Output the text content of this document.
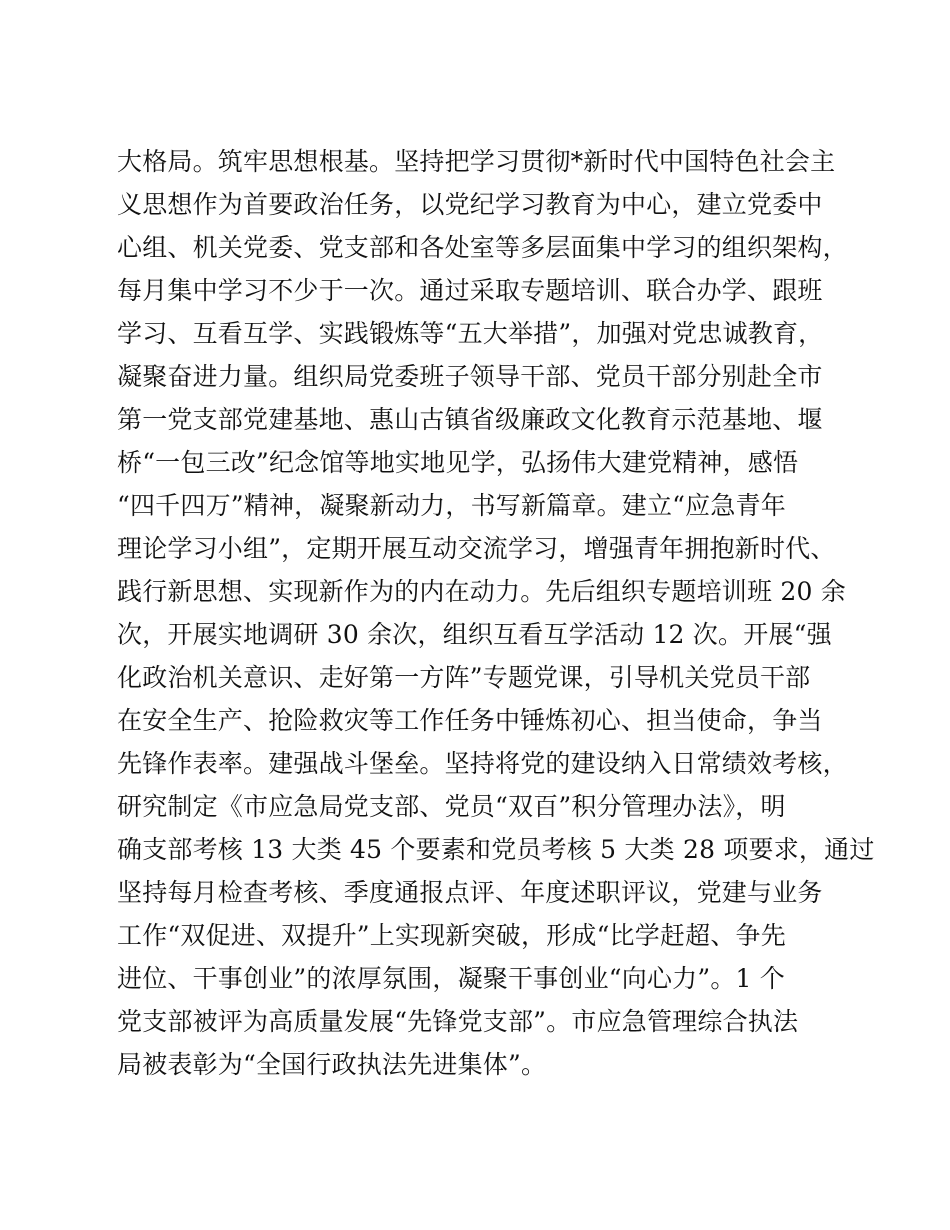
大格局。筑牢思想根基。坚持把学习贯彻*新时代中国特色社会主
义思想作为首要政治任务，以党纪学习教育为中心，建立党委中
心组、机关党委、党支部和各处室等多层面集中学习的组织架构，
每月集中学习不少于一次。通过采取专题培训、联合办学、跟班
学习、互看互学、实践锻炼等“五大举措”，加强对党忠诚教育，
凝聚奋进力量。组织局党委班子领导干部、党员干部分别赴全市
第一党支部党建基地、惠山古镇省级廉政文化教育示范基地、堰
桥“一包三改”纪念馆等地实地见学，弘扬伟大建党精神，感悟
“四千四万”精神，凝聚新动力，书写新篇章。建立“应急青年
理论学习小组”，定期开展互动交流学习，增强青年拥抱新时代、
践行新思想、实现新作为的内在动力。先后组织专题培训班 20 余
次，开展实地调研 30 余次，组织互看互学活动 12 次。开展“强
化政治机关意识、走好第一方阵”专题党课，引导机关党员干部
在安全生产、抢险救灾等工作任务中锤炼初心、担当使命，争当
先锋作表率。建强战斗堡垒。坚持将党的建设纳入日常绩效考核，
研究制定《市应急局党支部、党员“双百”积分管理办法》，明
确支部考核 13 大类 45 个要素和党员考核 5 大类 28 项要求，通过
坚持每月检查考核、季度通报点评、年度述职评议，党建与业务
工作“双促进、双提升”上实现新突破，形成“比学赶超、争先
进位、干事创业”的浓厚氛围，凝聚干事创业“向心力”。1 个
党支部被评为高质量发展“先锋党支部”。市应急管理综合执法
局被表彰为“全国行政执法先进集体”。
